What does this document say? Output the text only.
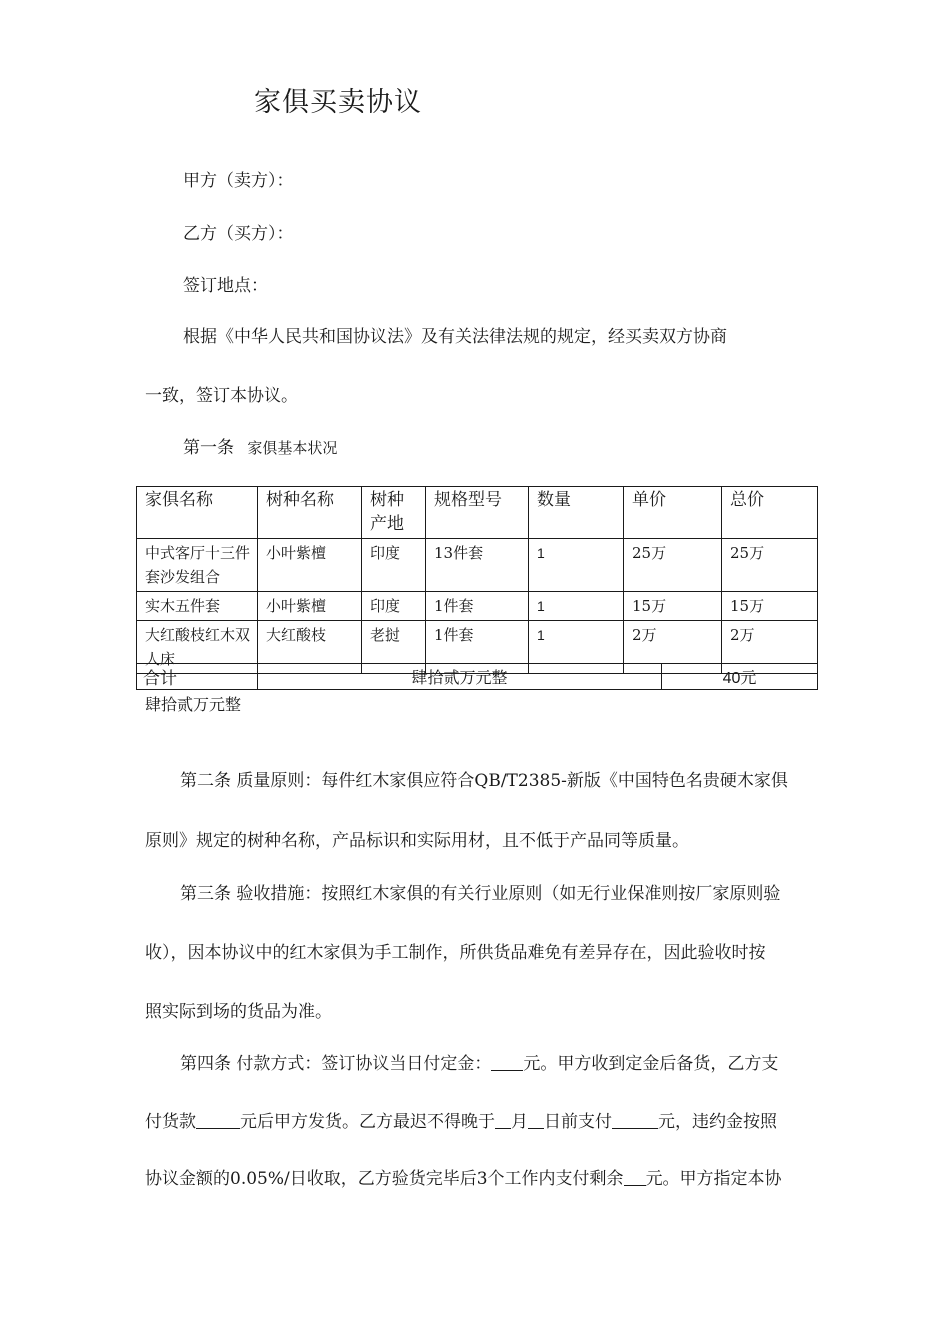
家俱买卖协议
甲方（卖方）：
乙方（买方）：
签订地点：
根据《中华人民共和国协议法》及有关法律法规的规定，经买卖双方协商
一致，签订本协议。
第一条 家俱基本状况
家俱名称	树种名称	树种产地	规格型号	数量	单价	总价
中式客厅十三件套沙发组合	小叶紫檀	印度	13件套	1	25万	25万
实木五件套	小叶紫檀	印度	1件套	1	15万	15万
大红酸枝红木双人床	大红酸枝	老挝	1件套	1	2万	2万
合计	肆拾贰万元整	40元
肆拾贰万元整
第二条 质量原则：每件红木家俱应符合QB/T2385-新版《中国特色名贵硬木家俱
原则》规定的树种名称，产品标识和实际用材，且不低于产品同等质量。
第三条 验收措施：按照红木家俱的有关行业原则（如无行业保准则按厂家原则验
收），因本协议中的红木家俱为手工制作，所供货品难免有差异存在，因此验收时按
照实际到场的货品为准。
第四条 付款方式：签订协议当日付定金： 元。甲方收到定金后备货，乙方支
付货款	元后甲方发货。乙方最迟不得晚于 月 日前支付	元，违约金按照
协议金额的0.05%/日收取，乙方验货完毕后3个工作内支付剩余 元。甲方指定本协
